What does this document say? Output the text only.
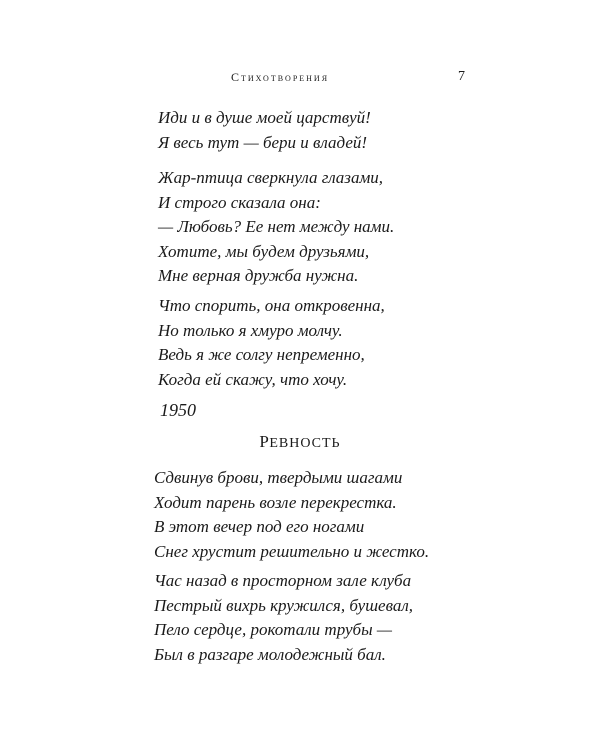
Стихотворения	7
Иди и в душе моей царствуй!
Я весь тут — бери и владей!
Жар-птица сверкнула глазами,
И строго сказала она:
— Любовь? Ее нет между нами.
Хотите, мы будем друзьями,
Мне верная дружба нужна.
Что спорить, она откровенна,
Но только я хмуро молчу.
Ведь я же солгу непременно,
Когда ей скажу, что хочу.
1950
РЕВНОСТЬ
Сдвинув брови, твердыми шагами
Ходит парень возле перекрестка.
В этот вечер под его ногами
Снег хрустит решительно и жестко.
Час назад в просторном зале клуба
Пестрый вихрь кружился, бушевал,
Пело сердце, рокотали трубы —
Был в разгаре молодежный бал.
